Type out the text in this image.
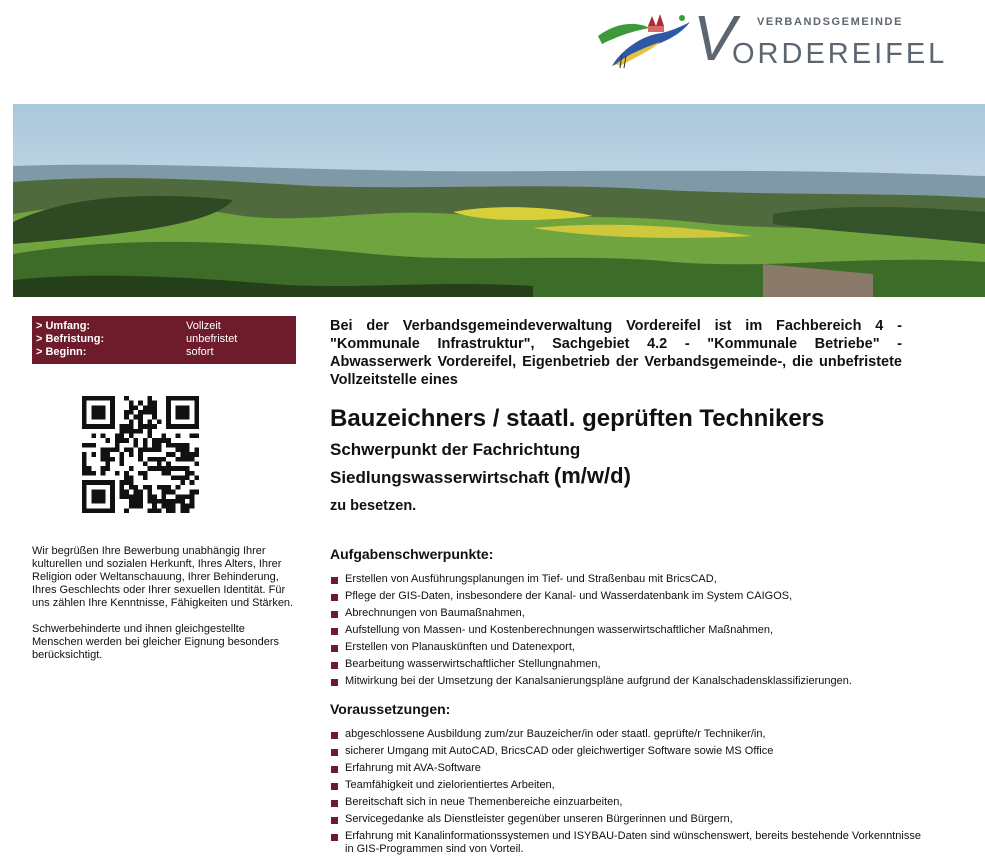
VERBANDSGEMEINDE
V
ORDEREIFEL
> Umfang:	Vollzeit
> Befristung:	unbefristet
> Beginn:	sofort

Wir begrüßen Ihre Bewerbung unabhängig Ihrer kulturellen und sozialen Herkunft, Ihres Alters, Ihrer Religion oder Weltanschauung, Ihrer Behinderung, Ihres Geschlechts oder Ihrer sexuellen Identität. Für uns zählen Ihre Kenntnisse, Fähigkeiten und Stärken.

Schwerbehinderte und ihnen gleichgestellte Menschen werden bei gleicher Eignung besonders berücksichtigt.

Bei der Verbandsgemeindeverwaltung Vordereifel ist im Fachbereich 4 - "Kommunale Infrastruktur", Sachgebiet 4.2 - "Kommunale Betriebe" -Abwasserwerk Vordereifel, Eigenbetrieb der Verbandsgemeinde-, die unbefristete Vollzeitstelle eines
Bauzeichners / staatl. geprüften Technikers
Schwerpunkt der Fachrichtung
Siedlungswasserwirtschaft (m/w/d)
zu besetzen.
Aufgabenschwerpunkte:
Erstellen von Ausführungsplanungen im Tief- und Straßenbau mit BricsCAD,
Pflege der GIS-Daten, insbesondere der Kanal- und Wasserdatenbank im System CAIGOS,
Abrechnungen von Baumaßnahmen,
Aufstellung von Massen- und Kostenberechnungen wasserwirtschaftlicher Maßnahmen,
Erstellen von Planauskünften und Datenexport,
Bearbeitung wasserwirtschaftlicher Stellungnahmen,
Mitwirkung bei der Umsetzung der Kanalsanierungspläne aufgrund der Kanalschadensklassifizierungen.
Voraussetzungen:
abgeschlossene Ausbildung zum/zur Bauzeicher/in oder staatl. geprüfte/r Techniker/in,
sicherer Umgang mit AutoCAD, BricsCAD oder gleichwertiger Software sowie MS Office
Erfahrung mit AVA-Software
Teamfähigkeit und zielorientiertes Arbeiten,
Bereitschaft sich in neue Themenbereiche einzuarbeiten,
Servicegedanke als Dienstleister gegenüber unseren Bürgerinnen und Bürgern,
Erfahrung mit Kanalinformationssystemen und ISYBAU-Daten sind wünschenswert, bereits bestehende Vorkenntnisse in GIS-Programmen sind von Vorteil.
